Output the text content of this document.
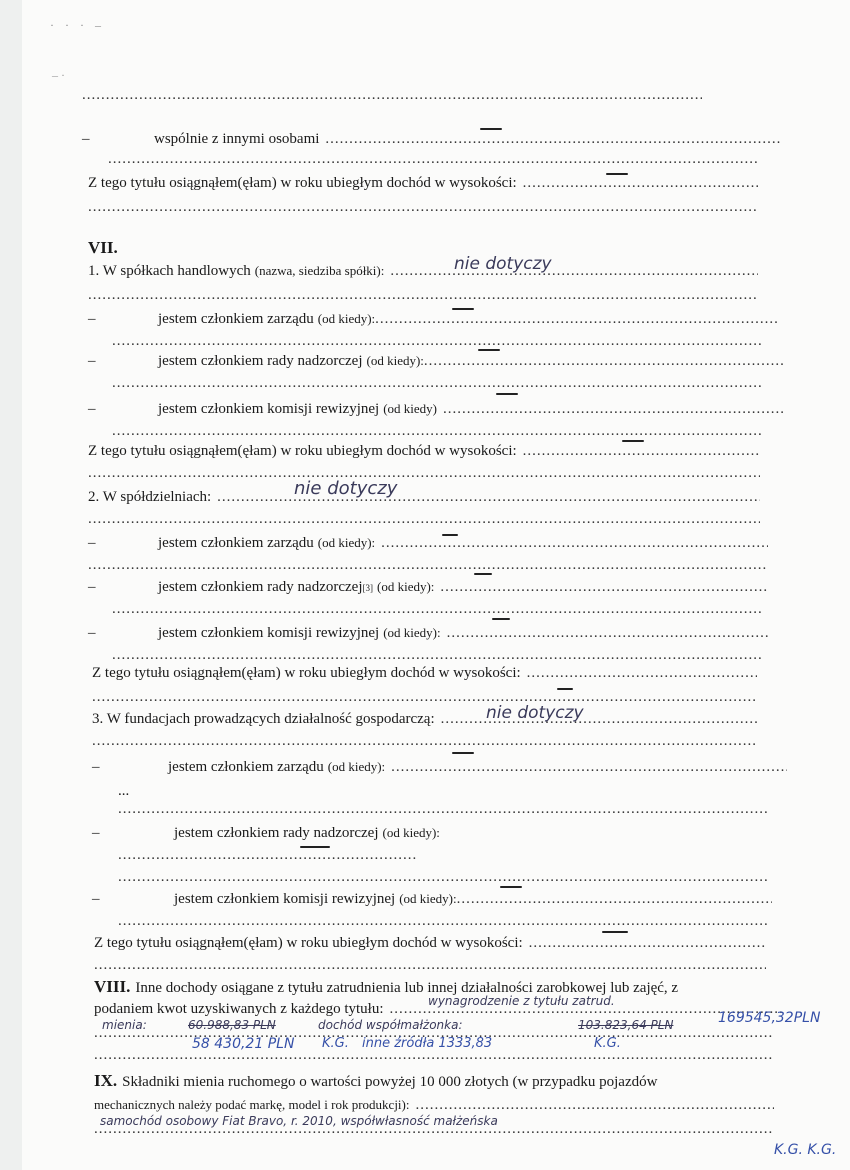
· · · –
– ·
.....
–	wspólnie z innymi osobami
.....
.....
Z tego tytułu osiągnąłem(ęłam) w roku ubiegłym dochód w wysokości:
.....
.....
VII.
1. W spółkach handlowych (nazwa, siedziba spółki): .....	nie dotyczy
.....
–	jestem członkiem zarządu (od kiedy):
.....
.....
–	jestem członkiem rady nadzorczej (od kiedy):
.....
.....
–	jestem członkiem komisji rewizyjnej (od kiedy)
.....
.....
Z tego tytułu osiągnąłem(ęłam) w roku ubiegłym dochód w wysokości:
.....
.....
2. W spółdzielniach: .....	nie dotyczy
.....
–	jestem członkiem zarządu (od kiedy):
.....
.....
–	jestem członkiem rady nadzorczej [3] (od kiedy):
.....
.....
–	jestem członkiem komisji rewizyjnej (od kiedy):
.....
.....
Z tego tytułu osiągnąłem(ęłam) w roku ubiegłym dochód w wysokości:
.....
.....
3. W fundacjach prowadzących działalność gospodarczą: .....	nie dotyczy
.....
–	jestem członkiem zarządu (od kiedy):
.....
...
.....
–	jestem członkiem rady nadzorczej (od kiedy):
.....
.....
–	jestem członkiem komisji rewizyjnej (od kiedy):
.....
.....
Z tego tytułu osiągnąłem(ęłam) w roku ubiegłym dochód w wysokości:
.....
.....
VIII. Inne dochody osiągane z tytułu zatrudnienia lub innej działalności zarobkowej lub zajęć, z
podaniem kwot uzyskiwanych z każdego tytułu: .....	wynagrodzenie z tytułu zatrud.
.....
mienia:	60.988,83 PLN	dochód współmałżonka:	103.823,64 PLN	169545,32PLN
.....
58 430,21 PLN K.G. inne źródła 1333,83	K.G.
IX. Składniki mienia ruchomego o wartości powyżej 10 000 złotych (w przypadku pojazdów
mechanicznych należy podać markę, model i rok produkcji):
.....
.....
samochód osobowy Fiat Bravo, r. 2010, współwłasność małżeńska
K.G. K.G.
